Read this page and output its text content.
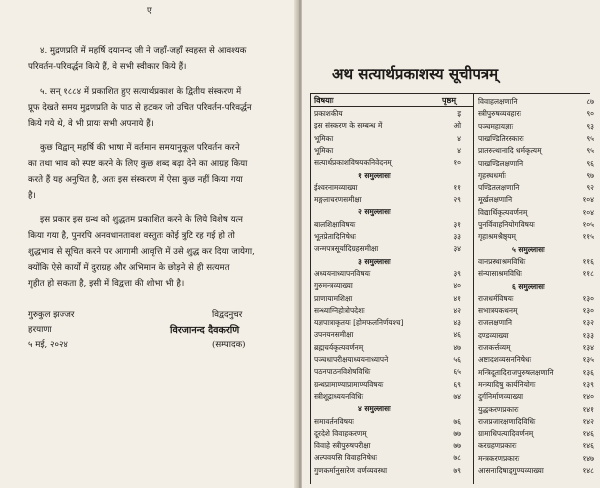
ए
४. मुद्रणप्रति में महर्षि दयानन्द जी ने जहाँ-जहाँ स्वहस्त से आवश्यक
परिवर्तन-परिवर्द्धन किये हैं, वे सभी स्वीकार किये हैं।
५. सन् १८८४ में प्रकाशित हुए सत्यार्थप्रकाश के द्वितीय संस्करण में
प्रूफ देखते समय मुद्रणप्रति के पाठ से हटकर जो उचित परिवर्तन-परिवर्द्धन
किये गये थे, वे भी प्रायः सभी अपनाये हैं।
कुछ विद्वान् महर्षि की भाषा में वर्तमान समयानुकूल परिवर्तन करने
का तथा भाव को स्पष्ट करने के लिए कुछ शब्द बढ़ा देने का आग्रह किया
करते हैं यह अनुचित है, अतः इस संस्करण में ऐसा कुछ नहीं किया गया
है।
इस प्रकार इस ग्रन्थ को शुद्धतम प्रकाशित करने के लिये विशेष यत्न
किया गया है, पुनरपि अनवधानतावश वस्तुतः कोई त्रुटि रह गई हो तो
शुद्धभाव से सूचित करने पर आगामी आवृत्ति में उसे शुद्ध कर दिया जायेगा,
क्योंकि ऐसे कार्यों में दुराग्रह और अभिमान के छोड़ने से ही सत्यमत
गृहीत हो सकता है, इसी में विद्वत्ता की शोभा भी है।
गुरुकुल झज्जर
हरयाणा
५ मई, २०२४
विद्वदनुचर
विरजानन्द दैवकरणि
(सम्पादक)
अथ सत्यार्थप्रकाशस्य सूचीपत्रम्
विषयाः	पृष्ठम्
प्रकाशकीय	इ
इस संस्करण के सम्बन्ध में	ओ
भूमिका	४
भूमिका	४
सत्यार्थप्रकाशविषयकनिवेदनम्	१०
१ समुल्लासः
ईश्वरनामव्याख्या	११
मङ्गलाचरणसमीक्षा	२९
२ समुल्लासः
बालशिक्षाविषयः	३१
भूतप्रेतादिनिषेधः	३३
जन्मपत्रसूर्यादिग्रहसमीक्षा	३४
३ समुल्लासः
अध्ययनाध्यापनविषयः	३९
गुरुमन्त्रव्याख्या	४०
प्राणायामशिक्षा	४१
सन्ध्याग्निहोत्रोपदेशः	४२
यज्ञपात्राकृतयः [होमफलनिर्णयश्च]	४३
उपनयनसमीक्षा	४६
ब्रह्मचर्यकृत्यवर्णनम्	४७
पञ्चधापरीक्षयाध्ययनाध्यापने	५६
पठनपाठनविशेषविधिः	६५
ग्रन्थप्रामाण्याप्रामाण्यविषयः	६९
स्त्रीशूद्राध्ययनविधिः	७४
४ समुल्लासः
समावर्तनविषयः	७६
दूरदेशे विवाहकरणम्	७७
विवाहे स्त्रीपुरुषपरीक्षा	७७
अल्पवयसि विवाहनिषेधः	७८
गुणकर्मानुसारेण वर्णव्यवस्था	७९
विवाहलक्षणानि	८७
स्त्रीपुरुषव्यवहारः	९०
पञ्चमहायज्ञाः	९३
पाखण्डितिरस्कारः	९५
प्रातरुत्थानादि धर्मकृत्यम्	९५
पाखण्डिलक्षणानि	९६
गृहस्थधर्माः	९७
पण्डितलक्षणानि	९२
मूर्खलक्षणानि	१०४
विद्यार्थिकृत्यवर्णनम्	१०४
पुनर्विवाहनियोगविषयः	१०५
गृहाश्रमश्रैष्ठ्यम्	११५
५ समुल्लासः
वानप्रस्थाश्रमविधिः	११६
संन्यासाश्रमविधिः	११८
६ समुल्लासः
राजधर्मविषयः	१३०
सभात्रयकथनम्	१३०
राजलक्षणानि	१३२
दण्डव्याख्या	१३३
राजकर्त्तव्यम्	१३४
अष्टादशव्यसननिषेधः	१३५
मन्त्रिदूतादिराजपुरुषलक्षणानि	१३६
मन्त्र्यादिषु कार्यनियोगः	१३९
दुर्गनिर्माणव्याख्या	१४०
युद्धकरणप्रकारः	१४१
राजप्रजारक्षणादिविधिः	१४२
ग्रामाधिपत्यादिवर्णनम्	१४६
करग्रहणप्रकारः	१४६
मन्त्रकरणप्रकारः	१४७
आसनादिषाड्गुण्यव्याख्या	१४८
